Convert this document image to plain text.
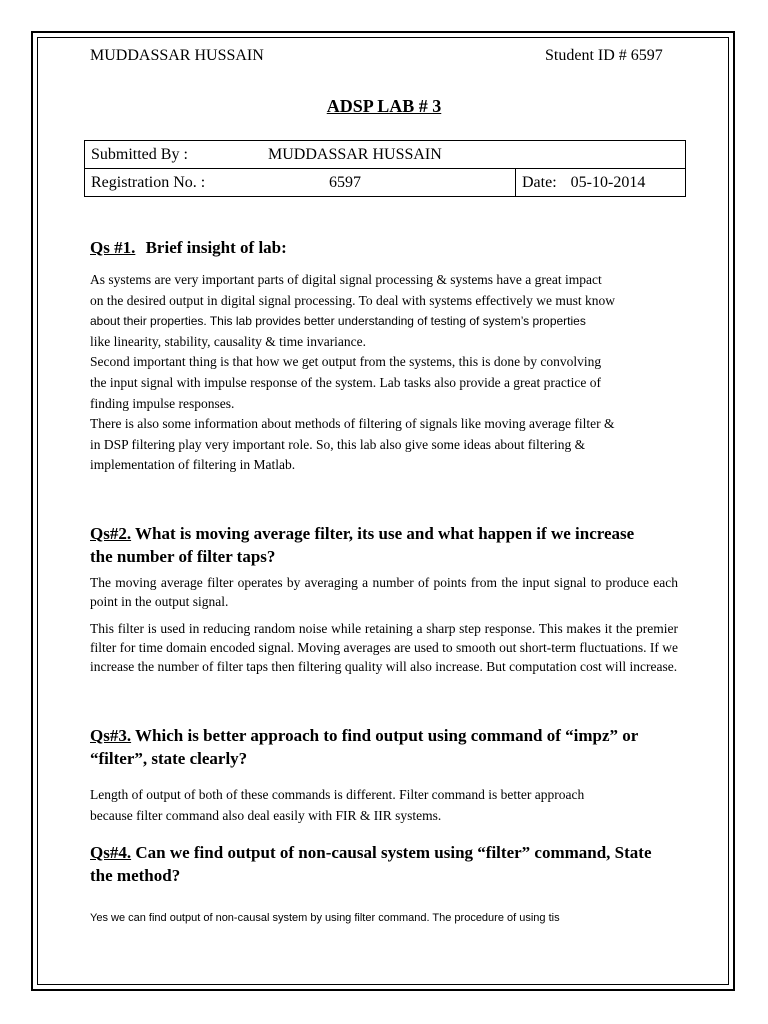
MUDDASSAR HUSSAIN	Student ID # 6597
ADSP LAB # 3
Submitted By :	MUDDASSAR HUSSAIN

Registration No. :	6597	Date: 05-10-2014
Qs #1. Brief insight of lab:
As systems are very important parts of digital signal processing & systems have a great impact
on the desired output in digital signal processing. To deal with systems effectively we must know
about their properties. This lab provides better understanding of testing of system’s properties
like linearity, stability, causality & time invariance.
Second important thing is that how we get output from the systems, this is done by convolving
the input signal with impulse response of the system. Lab tasks also provide a great practice of
finding impulse responses.
There is also some information about methods of filtering of signals like moving average filter &
in DSP filtering play very important role. So, this lab also give some ideas about filtering &
implementation of filtering in Matlab.
Qs#2. What is moving average filter, its use and what happen if we increase
the number of filter taps?
The moving average filter operates by averaging a number of points from the input signal to produce each point in the output signal.
This filter is used in reducing random noise while retaining a sharp step response. This makes it the premier filter for time domain encoded signal. Moving averages are used to smooth out short-term fluctuations. If we increase the number of filter taps then filtering quality will also increase. But computation cost will increase.
Qs#3. Which is better approach to find output using command of “impz” or
“filter”, state clearly?
Length of output of both of these commands is different. Filter command is better approach
because filter command also deal easily with FIR & IIR systems.
Qs#4. Can we find output of non-causal system using “filter” command, State
the method?
Yes we can find output of non-causal system by using filter command. The procedure of using tis
